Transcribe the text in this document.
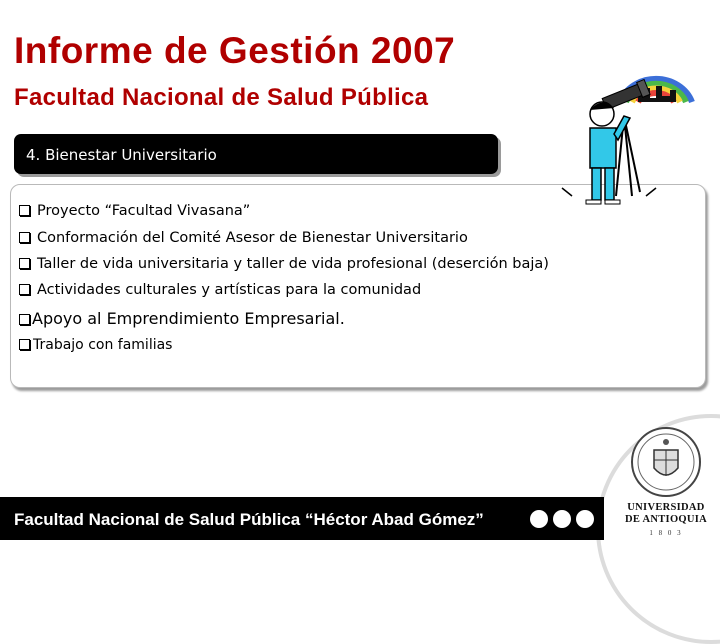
Informe de Gestión 2007
Facultad Nacional de Salud Pública
4. Bienestar Universitario
Proyecto “Facultad Vivasana”
Conformación del Comité Asesor de Bienestar Universitario
Taller de vida universitaria y taller de vida profesional (deserción baja)
Actividades culturales y artísticas para la comunidad
Apoyo al Emprendimiento Empresarial.
Trabajo con familias
UNIVERSIDAD
DE ANTIOQUIA
1 8 0 3
Facultad Nacional de Salud Pública “Héctor Abad Gómez”
